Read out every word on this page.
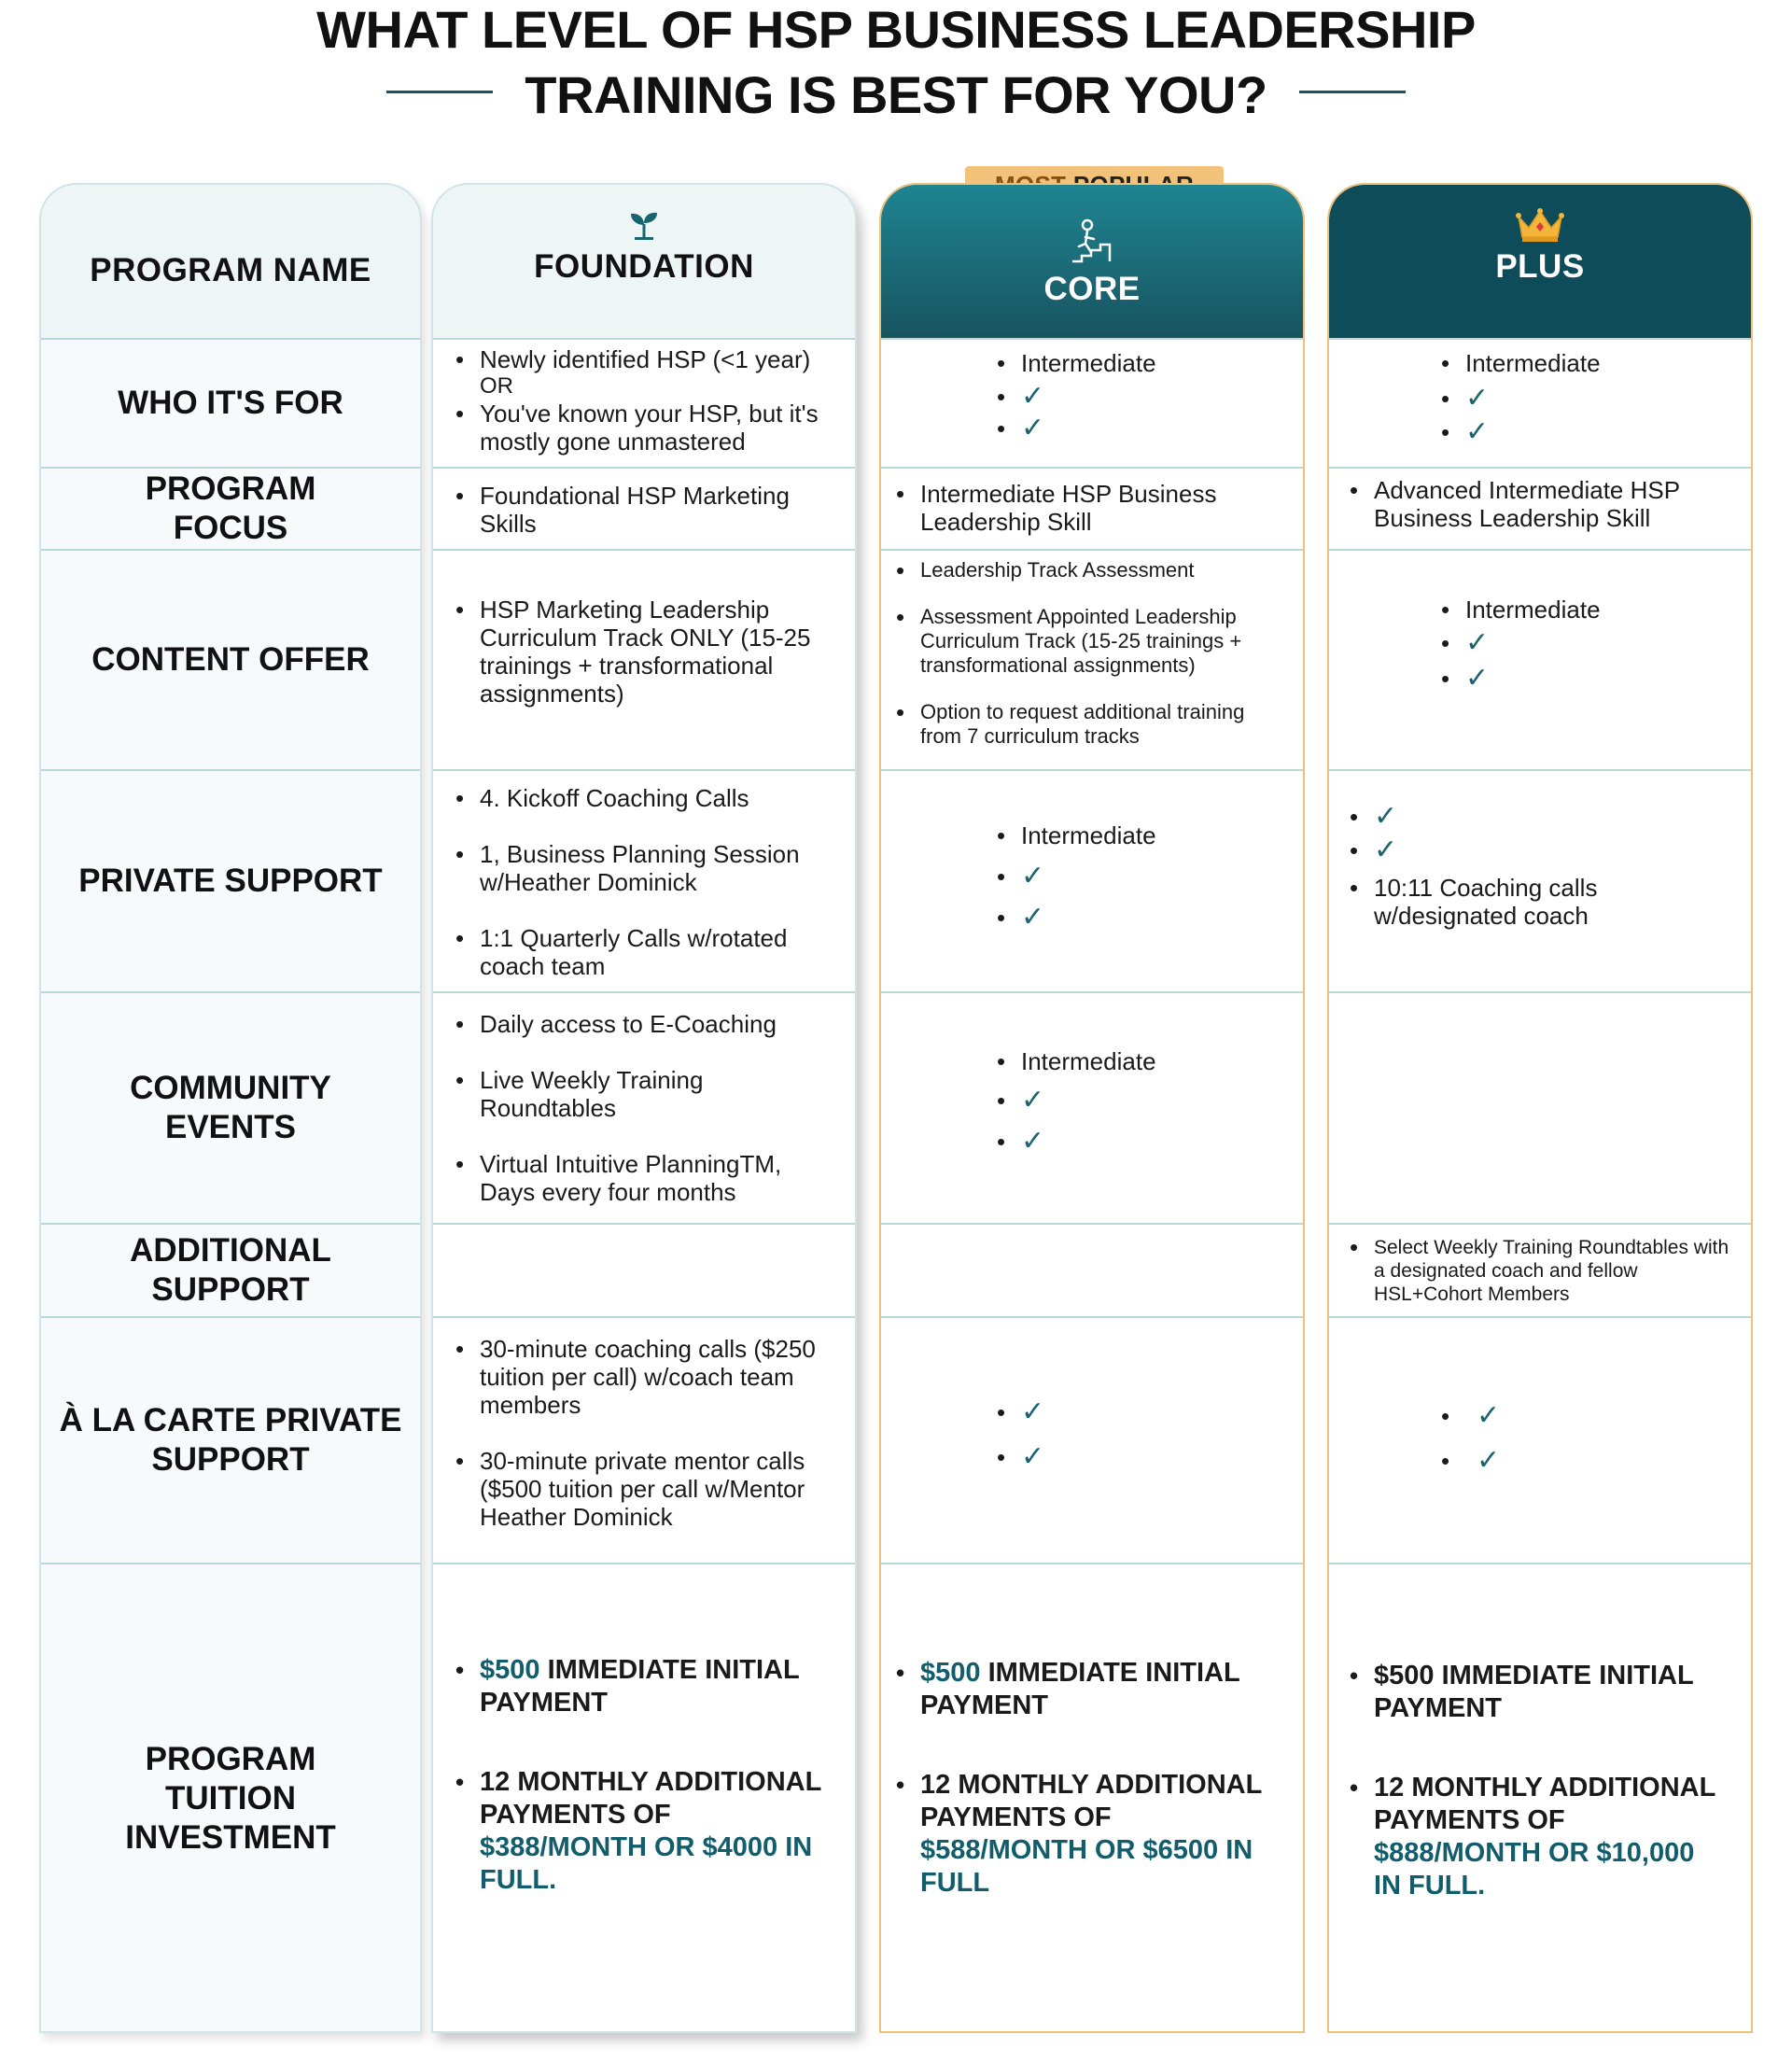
WHAT LEVEL OF HSP BUSINESS LEADERSHIP
TRAINING IS BEST FOR YOU?
PROGRAM NAME
WHO IT'S FOR
PROGRAM FOCUS
CONTENT OFFER
PRIVATE SUPPORT
COMMUNITY EVENTS
ADDITIONAL SUPPORT
À LA CARTE PRIVATE SUPPORT
PROGRAM TUITION INVESTMENT
FOUNDATION
• Newly identified HSP (<1 year)
OR
• You've known your HSP, but it's mostly gone unmastered
• Foundational HSP Marketing Skills
• HSP Marketing Leadership Curriculum Track ONLY (15-25 trainings + transformational assignments)
• 4. Kickoff Coaching Calls
• 1, Business Planning Session w/Heather Dominick
• 1:1 Quarterly Calls w/rotated coach team
• Daily access to E-Coaching
• Live Weekly Training Roundtables
• Virtual Intuitive PlanningTM, Days every four months
• 30-minute coaching calls ($250 tuition per call) w/coach team members
• 30-minute private mentor calls ($500 tuition per call w/Mentor Heather Dominick
• $500 IMMEDIATE INITIAL PAYMENT
• 12 MONTHLY ADDITIONAL PAYMENTS OF $388/MONTH OR $4000 IN FULL.
CORE
• Intermediate
• ✓
• ✓
• Intermediate HSP Business Leadership Skill
• Leadership Track Assessment
• Assessment Appointed Leadership Curriculum Track (15-25 trainings + transformational assignments)
• Option to request additional training from 7 curriculum tracks
• Intermediate
• ✓
• ✓
• Intermediate
• ✓
• ✓
• ✓
• ✓
• $500 IMMEDIATE INITIAL PAYMENT
• 12 MONTHLY ADDITIONAL PAYMENTS OF $588/MONTH OR $6500 IN FULL
PLUS
• Intermediate
• ✓
• ✓
• Advanced Intermediate HSP Business Leadership Skill
• Intermediate
• ✓
• ✓
• ✓
• ✓
• 10:11 Coaching calls w/designated coach
• Select Weekly Training Roundtables with a designated coach and fellow HSL+Cohort Members
• ✓
• ✓
• $500 IMMEDIATE INITIAL PAYMENT
• 12 MONTHLY ADDITIONAL PAYMENTS OF $888/MONTH OR $10,000 IN FULL.
